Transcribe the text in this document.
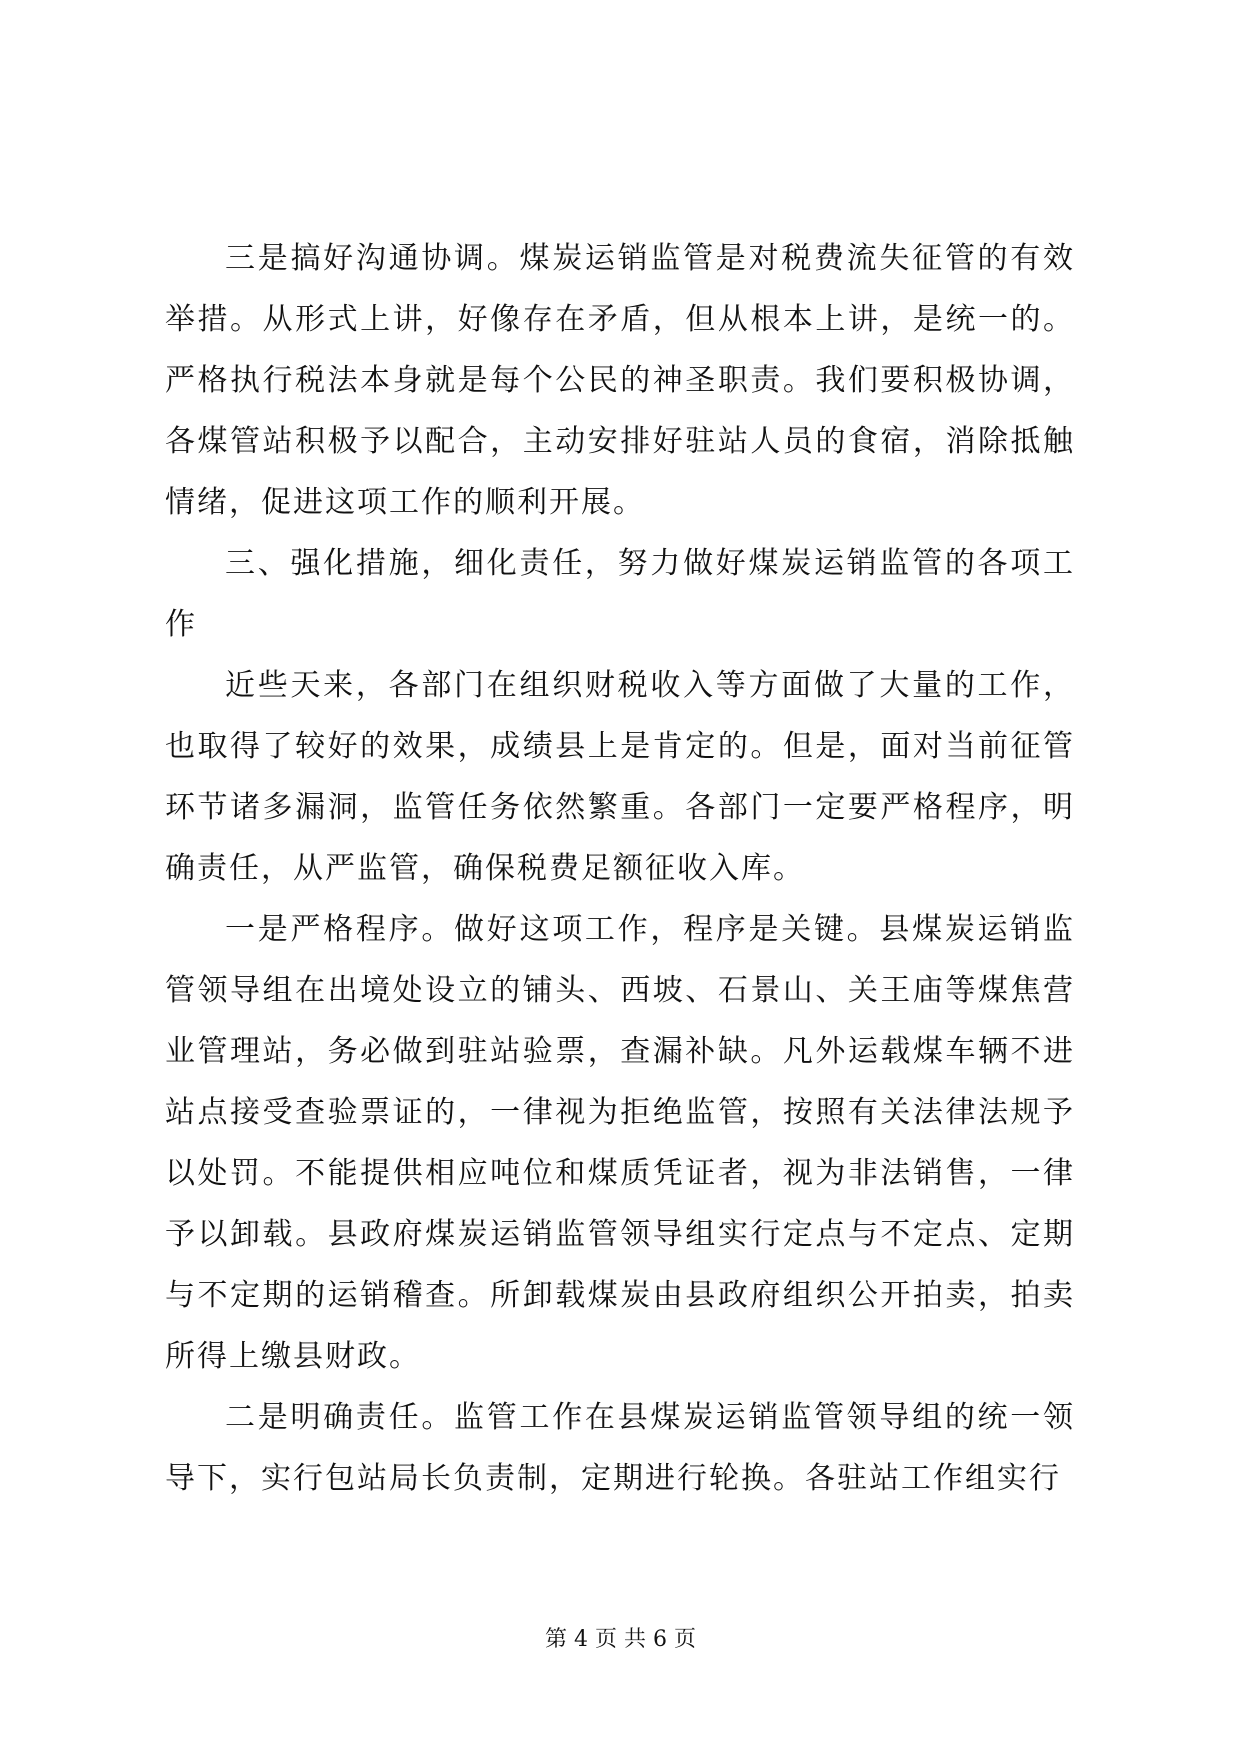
三是搞好沟通协调。煤炭运销监管是对税费流失征管的有效举措。从形式上讲，好像存在矛盾，但从根本上讲，是统一的。严格执行税法本身就是每个公民的神圣职责。我们要积极协调，各煤管站积极予以配合，主动安排好驻站人员的食宿，消除抵触情绪，促进这项工作的顺利开展。

三、强化措施，细化责任，努力做好煤炭运销监管的各项工作

近些天来，各部门在组织财税收入等方面做了大量的工作，也取得了较好的效果，成绩县上是肯定的。但是，面对当前征管环节诸多漏洞，监管任务依然繁重。各部门一定要严格程序，明确责任，从严监管，确保税费足额征收入库。

一是严格程序。做好这项工作，程序是关键。县煤炭运销监管领导组在出境处设立的铺头、西坡、石景山、关王庙等煤焦营业管理站，务必做到驻站验票，查漏补缺。凡外运载煤车辆不进站点接受查验票证的，一律视为拒绝监管，按照有关法律法规予以处罚。不能提供相应吨位和煤质凭证者，视为非法销售，一律予以卸载。县政府煤炭运销监管领导组实行定点与不定点、定期与不定期的运销稽查。所卸载煤炭由县政府组织公开拍卖，拍卖所得上缴县财政。

二是明确责任。监管工作在县煤炭运销监管领导组的统一领导下，实行包站局长负责制，定期进行轮换。各驻站工作组实行

第 4 页 共 6 页
